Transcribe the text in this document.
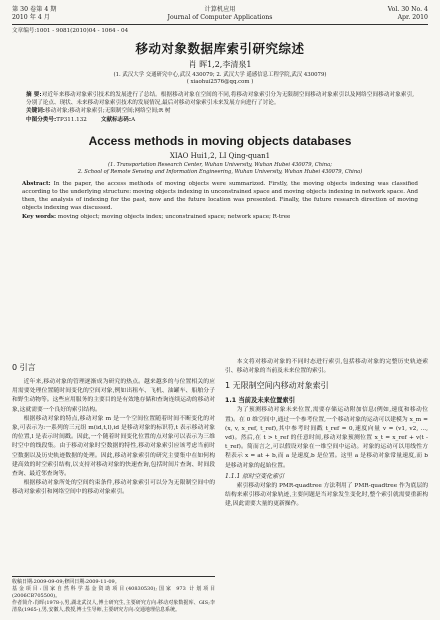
第 30 卷第 4 期
2010 年 4 月
计算机应用
Journal of Computer Applications
Vol. 30 No. 4
Apr. 2010
文章编号:1001 - 9081(2010)04 - 1064 - 04
移动对象数据库索引研究综述
肖 晖1,2,李清泉1
(1. 武汉大学 交通研究中心,武汉 430079; 2. 武汉大学 遥感信息工程学院,武汉 430079)
( xiaohui2576@qq.com )
摘 要:对近年来移动对象索引技术的发展进行了总结。根据移动对象在空间的不同,将移动对象索引分为无限制空间移动对象索引以及网络空间移动对象索引,分别了论点、现状、未来移动对象索引技术的发展情况,最后对移动对象索引未来发展方向进行了讨论。
关键词:移动对象;移动对象索引;无限制空间;网络空间;R 树
中图分类号:TP311.132	文献标志码:A
Access methods in moving objects databases
XIAO Hui1,2, LI Qing-quan1
(1. Transportation Research Center, Wuhan University, Wuhan Hubei 430079, China;
2. School of Remote Sensing and Information Engineering, Wuhan University, Wuhan Hubei 430079, China)
Abstract: In the paper, the access methods of moving objects were summarized. Firstly, the moving objects indexing was classified according to the underlying structure: moving objects indexing in unconstrained space and moving objects indexing in network space. And then, the analysis of indexing for the past, now and the future location was presented. Finally, the future research direction of moving objects indexing was discussed.
Key words: moving object; moving objects index; unconstrained space; network space; R-tree
0 引言

近年来,移动对象的管理逐渐成为研究的热点。越来越多的与位置相关的应用需要处理位置随时间变化的空间对象,例如出租车、飞机、油罐车、船舶分子和野生动物等。这些应用服务的主要目的是有效地存储和查询连续运动的移动对象,这就需要一个良好的索引结构。

根据移动对象的特点,移动对象 m 是一个空间位置随着时间不断变化的对象,可表示为:一系列的三元组 m(id,t,l),id 是移动对象的标识符,t 表示移动对象的位置,l 是表示时间戳。因此,一个随着时间变化位置的点对象可以表示为三维时空中的线段集。由于移动对象时空数据的特性,移动对象索引应该考虑当前时空数据以及历史轨迹数据的处理。因此,移动对象索引的研究主要集中在如何构建高效的时空索引结构,以支持对移动对象的快速查询,包括时间片查询、时间段查询、最近邻查询等。

根据移动对象所处的空间约束条件,移动对象索引可以分为无限制空间中的移动对象索引和网络空间中的移动对象索引。

收稿日期:2009-09-09;修回日期:2009-11-09。
基金项目:国家自然科学基金资助项目(40830530);国家 973 计划项目(2006CB705500)。
作者简介:肖晖(1978-),男,湖北武汉人,博士研究生,主要研究方向:移动对象数据库、GIS;李清泉(1965-),男,安徽人,教授,博士生导师,主要研究方向:交通地理信息系统。

本文将对移动对象的不同时态进行索引,包括移动对象的完整历史轨迹索引、移动对象的当前及未来位置的索引。

1 无限制空间内移动对象索引
1.1 当前及未来位置索引

为了预测移动对象未来位置,需要存储运动附加信息(例如,速度和移动位置)。在 0 维空间中,通过一个参考位置,一个移动对象的运动可以建模为 x_m = (x, v, x_ref, t_ref),其中参考时间戳 t_ref = 0,速度向量 v = (v1, v2, ..., vd)。然后,在 t > t_ref 的任意时间,移动对象预测位置 x_t = x_ref + v(t - t_ref)。简而言之,可以假设对象在一维空间中运动。对象的运动可以用线性方程表示 x = at + b,而 a 是速度,b 是位置。这里 a 是移动对象常量速度,而 b 是移动对象的起始位置。

1.1.1 原时空变化索引

索引移动对象的 PMR-quadtree 方法利用了 PMR-quadtree 作为底层的结构来索引移动对象轨迹,主要问题是当对象发生变化时,整个索引就需要重新构建,因此需要大量的更新操作。
